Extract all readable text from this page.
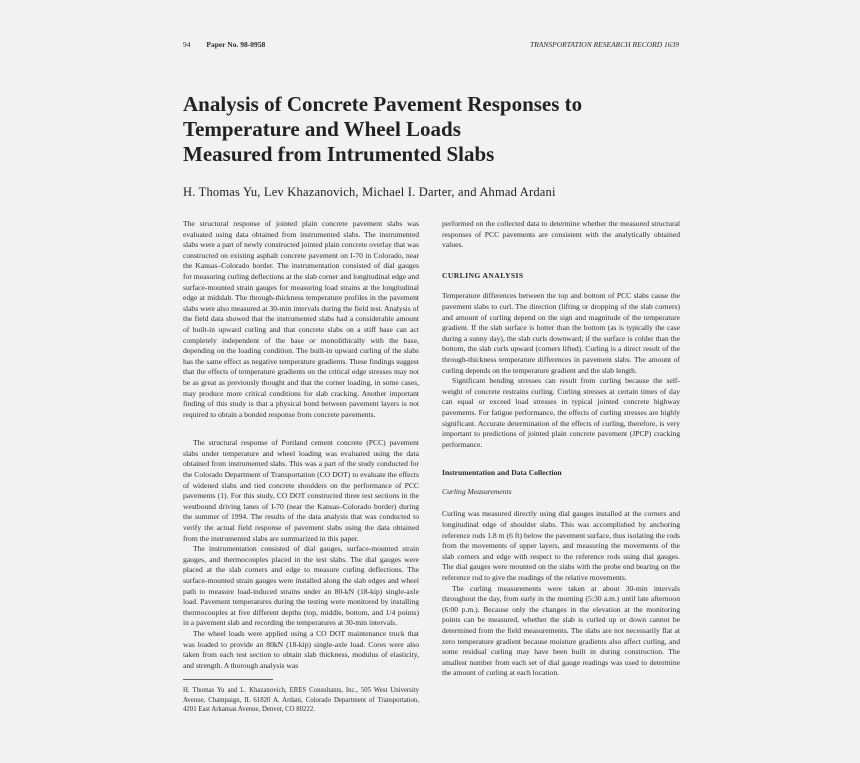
94 Paper No. 98-0958	TRANSPORTATION RESEARCH RECORD 1639
Analysis of Concrete Pavement Responses to
Temperature and Wheel Loads
Measured from Intrumented Slabs
H. Thomas Yu, Lev Khazanovich, Michael I. Darter, and Ahmad Ardani

The structural response of jointed plain concrete pavement slabs was evaluated using data obtained from instrumented slabs. The instrumented slabs were a part of newly constructed jointed plain concrete overlay that was constructed on existing asphalt concrete pavement on I-70 in Colorado, near the Kansas–Colorado border. The instrumentation consisted of dial gauges for measuring curling deflections at the slab corner and longitudinal edge and surface-mounted strain gauges for measuring load strains at the longitudinal edge at midslab. The through-thickness temperature profiles in the pavement slabs were also measured at 30-min intervals during the field test. Analysis of the field data showed that the instrumented slabs had a considerable amount of built-in upward curling and that concrete slabs on a stiff base can act completely independent of the base or monolithically with the base, depending on the loading condition. The built-in upward curling of the slabs has the same effect as negative temperature gradients. These findings suggest that the effects of temperature gradients on the critical edge stresses may not be as great as previously thought and that the corner loading, in some cases, may produce more critical conditions for slab cracking. Another important finding of this study is that a physical bond between pavement layers is not required to obtain a bonded response from concrete pavements.

The structural response of Portland cement concrete (PCC) pavement slabs under temperature and wheel loading was evaluated using the data obtained from instrumented slabs. This was a part of the study conducted for the Colorado Department of Transportation (CO DOT) to evaluate the effects of widened slabs and tied concrete shoulders on the performance of PCC pavements (1). For this study, CO DOT constructed three test sections in the westbound driving lanes of I-70 (near the Kansas–Colorado border) during the summer of 1994. The results of the data analysis that was conducted to verify the actual field response of pavement slabs using the data obtained from the instrumented slabs are summarized in this paper.

The instrumentation consisted of dial gauges, surface-mounted strain gauges, and thermocouples placed in the test slabs. The dial gauges were placed at the slab corners and edge to measure curling deflections. The surface-mounted strain gauges were installed along the slab edges and wheel path to measure load-induced strains under an 80-kN (18-kip) single-axle load. Pavement temperatures during the testing were monitored by installing thermocouples at five different depths (top, middle, bottom, and 1/4 points) in a pavement slab and recording the temperatures at 30-min intervals.

The wheel loads were applied using a CO DOT maintenance truck that was loaded to provide an 80kN (18-kip) single-axle load. Cores were also taken from each test section to obtain slab thickness, modulus of elasticity, and strength. A thorough analysis was

H. Thomas Yu and L. Khazanovich, ERES Consultants, Inc., 505 West University Avenue, Champaign, IL 61820 A. Ardani, Colorado Department of Transportation, 4201 East Arkansas Avenue, Denver, CO 80222.

performed on the collected data to determine whether the measured structural responses of PCC pavements are consistent with the analytically obtained values.

CURLING ANALYSIS

Temperature differences between the top and bottom of PCC slabs cause the pavement slabs to curl. The direction (lifting or dropping of the slab corners) and amount of curling depend on the sign and magnitude of the temperature gradient. If the slab surface is hotter than the bottom (as is typically the case during a sunny day), the slab curls downward; if the surface is colder than the bottom, the slab curls upward (corners lifted). Curling is a direct result of the through-thickness temperature differences in pavement slabs. The amount of curling depends on the temperature gradient and the slab length.

Significant bending stresses can result from curling because the self-weight of concrete restrains curling. Curling stresses at certain times of day can equal or exceed load stresses in typical jointed concrete highway pavements. For fatigue performance, the effects of curling stresses are highly significant. Accurate determination of the effects of curling, therefore, is very important to predictions of jointed plain concrete pavement (JPCP) cracking performance.

Instrumentation and Data Collection
Curling Measurements

Curling was measured directly using dial gauges installed at the corners and longitudinal edge of shoulder slabs. This was accomplished by anchoring reference rods 1.8 m (6 ft) below the pavement surface, thus isolating the rods from the movements of upper layers, and measuring the movements of the slab corners and edge with respect to the reference rods using dial gauges. The dial gauges were mounted on the slabs with the probe end bearing on the reference rod to give the readings of the relative movements.

The curling measurements were taken at about 30-min intervals throughout the day, from early in the morning (5:30 a.m.) until late afternoon (6:00 p.m.). Because only the changes in the elevation at the monitoring points can be measured, whether the slab is curled up or down cannot be determined from the field measurements. The slabs are not necessarily flat at zero temperature gradient because moisture gradients also affect curling, and some residual curling may have been built in during construction. The smallest number from each set of dial gauge readings was used to determine the amount of curling at each location.
